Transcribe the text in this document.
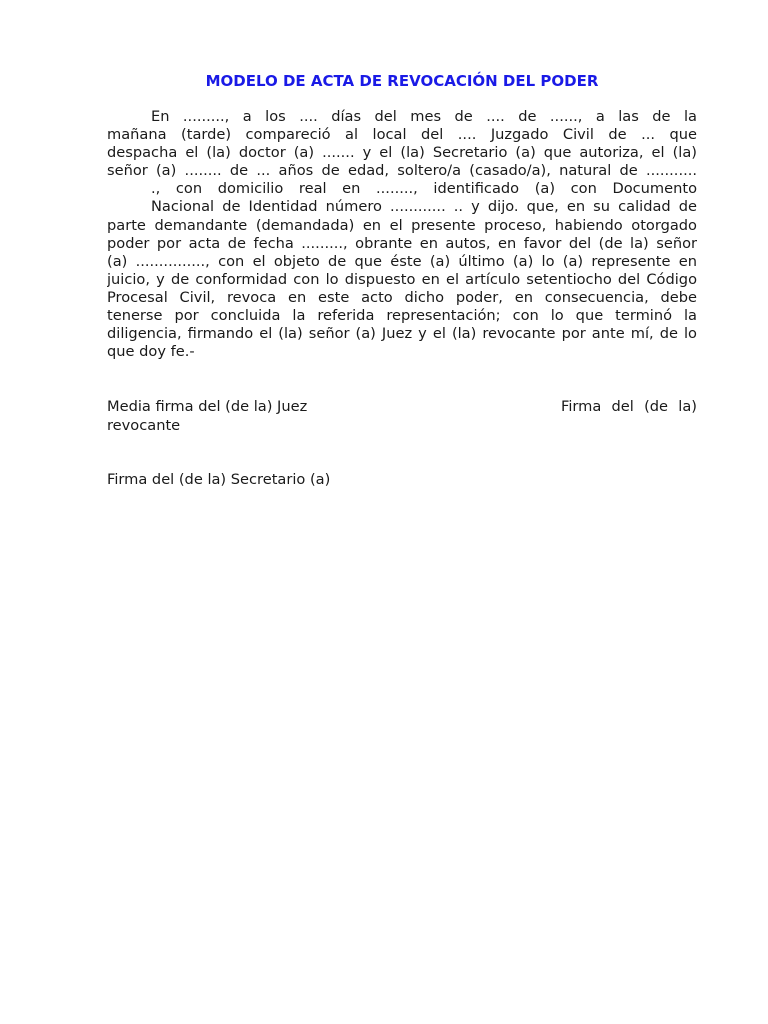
MODELO DE ACTA DE REVOCACIÓN DEL PODER
En ........., a los .... días del mes de .... de ......, a las de la
mañana (tarde) compareció al local del .... Juzgado Civil de ... que
despacha el (la) doctor (a) ....... y el (la) Secretario (a) que autoriza, el (la)
señor (a) ........ de ... años de edad, soltero/a (casado/a), natural de ...........
., con domicilio real en ........, identificado (a) con Documento
Nacional de Identidad número ............ .. y dijo. que, en su calidad de
parte demandante (demandada) en el presente proceso, habiendo otorgado
poder por acta de fecha ........., obrante en autos, en favor del (de la) señor
(a) ..............., con el objeto de que éste (a) último (a) lo (a) represente en
juicio, y de conformidad con lo dispuesto en el artículo setentiocho del Código
Procesal Civil, revoca en este acto dicho poder, en consecuencia, debe
tenerse por concluida la referida representación; con lo que terminó la
diligencia, firmando el (la) señor (a) Juez y el (la) revocante por ante mí, de lo
que doy fe.-

Media firma del (de la) Juez

revocante

Firma del (de la)

Firma del (de la) Secretario (a)
